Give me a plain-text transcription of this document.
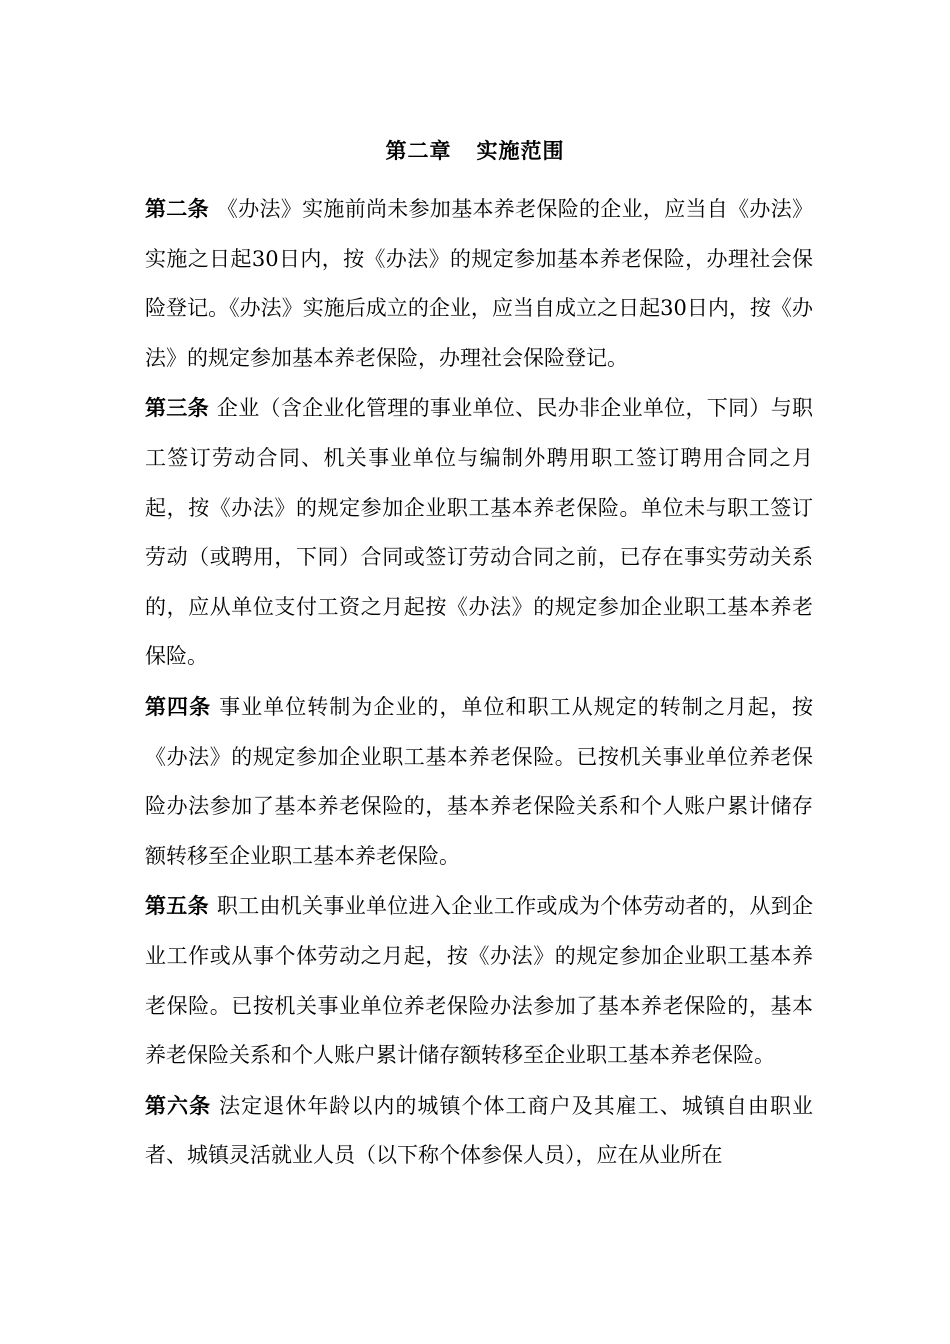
第二章 实施范围

第二条 《办法》实施前尚未参加基本养老保险的企业，应当自《办法》实施之日起30日内，按《办法》的规定参加基本养老保险，办理社会保险登记。《办法》实施后成立的企业，应当自成立之日起30日内，按《办法》的规定参加基本养老保险，办理社会保险登记。

第三条 企业（含企业化管理的事业单位、民办非企业单位，下同）与职工签订劳动合同、机关事业单位与编制外聘用职工签订聘用合同之月起，按《办法》的规定参加企业职工基本养老保险。单位未与职工签订劳动（或聘用，下同）合同或签订劳动合同之前，已存在事实劳动关系的，应从单位支付工资之月起按《办法》的规定参加企业职工基本养老保险。

第四条 事业单位转制为企业的，单位和职工从规定的转制之月起，按《办法》的规定参加企业职工基本养老保险。已按机关事业单位养老保险办法参加了基本养老保险的，基本养老保险关系和个人账户累计储存额转移至企业职工基本养老保险。

第五条 职工由机关事业单位进入企业工作或成为个体劳动者的，从到企业工作或从事个体劳动之月起，按《办法》的规定参加企业职工基本养老保险。已按机关事业单位养老保险办法参加了基本养老保险的，基本养老保险关系和个人账户累计储存额转移至企业职工基本养老保险。

第六条 法定退休年龄以内的城镇个体工商户及其雇工、城镇自由职业者、城镇灵活就业人员（以下称个体参保人员），应在从业所在
